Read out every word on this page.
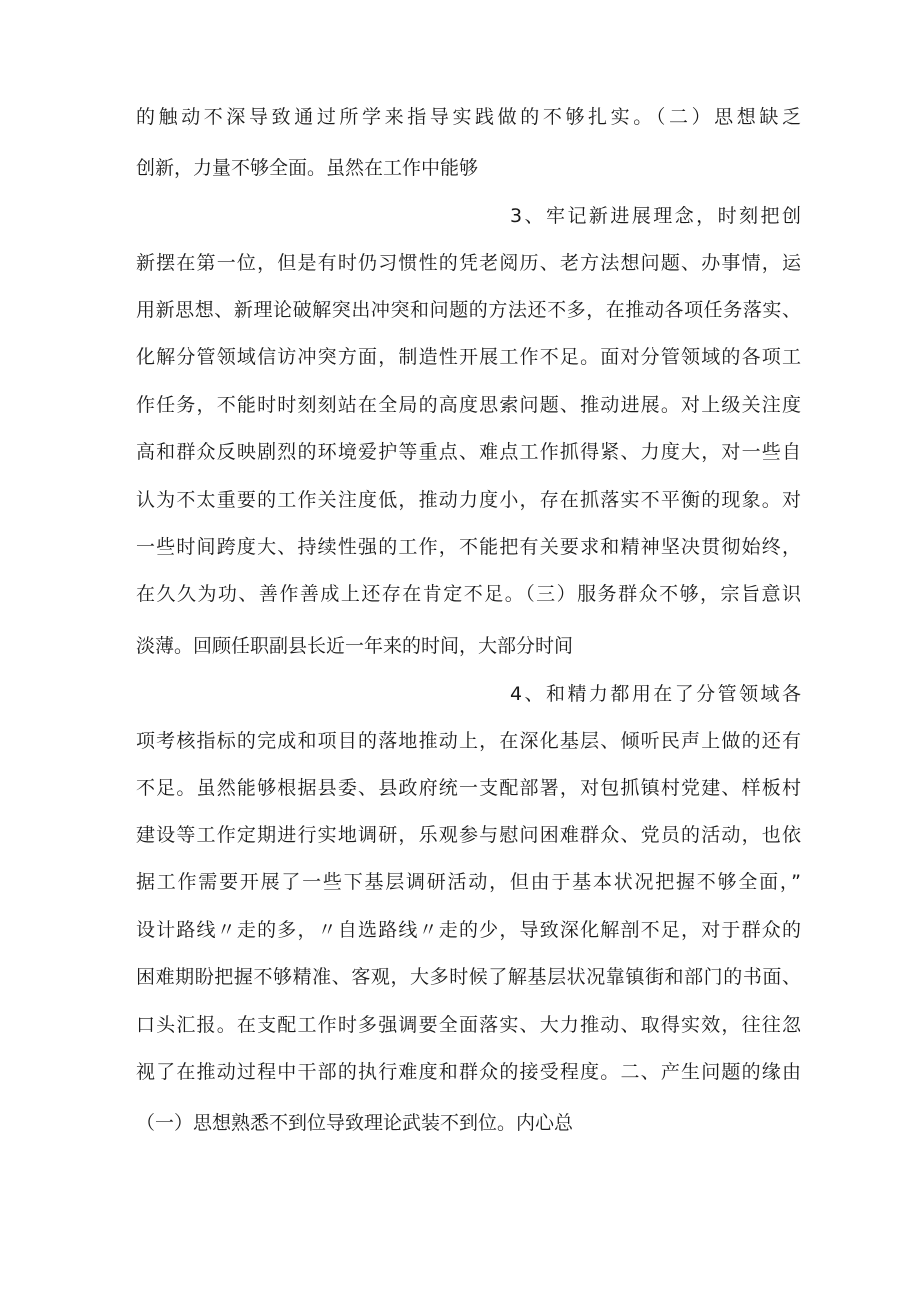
的触动不深导致通过所学来指导实践做的不够扎实。（二）思想缺乏
创新，力量不够全面。虽然在工作中能够
3、牢记新进展理念，时刻把创
新摆在第一位，但是有时仍习惯性的凭老阅历、老方法想问题、办事情，运
用新思想、新理论破解突出冲突和问题的方法还不多，在推动各项任务落实、
化解分管领域信访冲突方面，制造性开展工作不足。面对分管领域的各项工
作任务，不能时时刻刻站在全局的高度思索问题、推动进展。对上级关注度
高和群众反映剧烈的环境爱护等重点、难点工作抓得紧、力度大，对一些自
认为不太重要的工作关注度低，推动力度小，存在抓落实不平衡的现象。对
一些时间跨度大、持续性强的工作，不能把有关要求和精神坚决贯彻始终，
在久久为功、善作善成上还存在肯定不足。（三）服务群众不够，宗旨意识
淡薄。回顾任职副县长近一年来的时间，大部分时间
4、和精力都用在了分管领域各
项考核指标的完成和项目的落地推动上，在深化基层、倾听民声上做的还有
不足。虽然能够根据县委、县政府统一支配部署，对包抓镇村党建、样板村
建设等工作定期进行实地调研，乐观参与慰问困难群众、党员的活动，也依
据工作需要开展了一些下基层调研活动，但由于基本状况把握不够全面，”
设计路线〃走的多，〃自选路线〃走的少，导致深化解剖不足，对于群众的
困难期盼把握不够精准、客观，大多时候了解基层状况靠镇街和部门的书面、
口头汇报。在支配工作时多强调要全面落实、大力推动、取得实效，往往忽
视了在推动过程中干部的执行难度和群众的接受程度。二、产生问题的缘由
（一）思想熟悉不到位导致理论武装不到位。内心总
